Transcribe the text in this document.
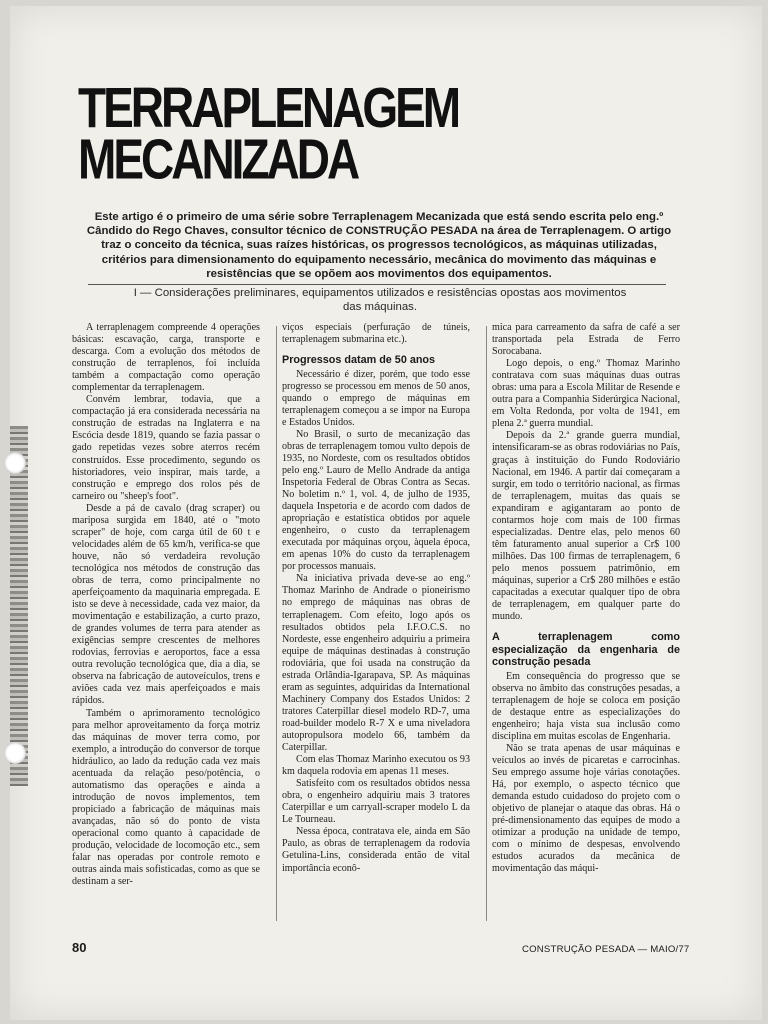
TERRAPLENAGEM
MECANIZADA
Este artigo é o primeiro de uma série sobre Terraplenagem Mecanizada que está sendo escrita pelo eng.º Cândido do Rego Chaves, consultor técnico de CONSTRUÇÃO PESADA na área de Terraplenagem. O artigo traz o conceito da técnica, suas raízes históricas, os progressos tecnológicos, as máquinas utilizadas, critérios para dimensionamento do equipamento necessário, mecânica do movimento das máquinas e resistências que se opõem aos movimentos dos equipamentos.
I — Considerações preliminares, equipamentos utilizados e resistências opostas aos movimentos das máquinas.

A terraplenagem compreende 4 operações básicas: escavação, carga, transporte e descarga. Com a evolução dos métodos de construção de terraplenos, foi incluída também a compactação como operação complementar da terraplenagem.

Convém lembrar, todavia, que a compactação já era considerada necessária na construção de estradas na Inglaterra e na Escócia desde 1819, quando se fazia passar o gado repetidas vezes sobre aterros recém construídos. Esse procedimento, segundo os historiadores, veio inspirar, mais tarde, a construção e emprego dos rolos pés de carneiro ou "sheep's foot".

Desde a pá de cavalo (drag scraper) ou mariposa surgida em 1840, até o "moto scraper" de hoje, com carga útil de 60 t e velocidades além de 65 km/h, verifica-se que houve, não só verdadeira revolução tecnológica nos métodos de construção das obras de terra, como principalmente no aperfeiçoamento da maquinaria empregada. E isto se deve à necessidade, cada vez maior, da movimentação e estabilização, a curto prazo, de grandes volumes de terra para atender as exigências sempre crescentes de melhores rodovias, ferrovias e aeroportos, face a essa outra revolução tecnológica que, dia a dia, se observa na fabricação de autoveículos, trens e aviões cada vez mais aperfeiçoados e mais rápidos.

Também o aprimoramento tecnológico para melhor aproveitamento da força motriz das máquinas de mover terra como, por exemplo, a introdução do conversor de torque hidráulico, ao lado da redução cada vez mais acentuada da relação peso/potência, o automatismo das operações e ainda a introdução de novos implementos, tem propiciado a fabricação de máquinas mais avançadas, não só do ponto de vista operacional como quanto à capacidade de produção, velocidade de locomoção etc., sem falar nas operadas por controle remoto e outras ainda mais sofisticadas, como as que se destinam a ser-

viços especiais (perfuração de túneis, terraplenagem submarina etc.).

Progressos datam de 50 anos

Necessário é dizer, porém, que todo esse progresso se processou em menos de 50 anos, quando o emprego de máquinas em terraplenagem começou a se impor na Europa e Estados Unidos.

No Brasil, o surto de mecanização das obras de terraplenagem tomou vulto depois de 1935, no Nordeste, com os resultados obtidos pelo eng.º Lauro de Mello Andrade da antiga Inspetoria Federal de Obras Contra as Secas. No boletim n.º 1, vol. 4, de julho de 1935, daquela Inspetoria e de acordo com dados de apropriação e estatística obtidos por aquele engenheiro, o custo da terraplenagem executada por máquinas orçou, àquela época, em apenas 10% do custo da terraplenagem por processos manuais.

Na iniciativa privada deve-se ao eng.º Thomaz Marinho de Andrade o pioneirismo no emprego de máquinas nas obras de terraplenagem. Com efeito, logo após os resultados obtidos pela I.F.O.C.S. no Nordeste, esse engenheiro adquiriu a primeira equipe de máquinas destinadas à construção rodoviária, que foi usada na construção da estrada Orlândia-Igarapava, SP. As máquinas eram as seguintes, adquiridas da International Machinery Company dos Estados Unidos: 2 tratores Caterpillar diesel modelo RD-7, uma road-builder modelo R-7 X e uma niveladora autopropulsora modelo 66, também da Caterpillar.

Com elas Thomaz Marinho executou os 93 km daquela rodovia em apenas 11 meses.

Satisfeito com os resultados obtidos nessa obra, o engenheiro adquiriu mais 3 tratores Caterpillar e um carryall-scraper modelo L da Le Tourneau.

Nessa época, contratava ele, ainda em São Paulo, as obras de terraplenagem da rodovia Getulina-Lins, considerada então de vital importância econô-

mica para carreamento da safra de café a ser transportada pela Estrada de Ferro Sorocabana.

Logo depois, o eng.º Thomaz Marinho contratava com suas máquinas duas outras obras: uma para a Escola Militar de Resende e outra para a Companhia Siderúrgica Nacional, em Volta Redonda, por volta de 1941, em plena 2.ª guerra mundial.

Depois da 2.ª grande guerra mundial, intensificaram-se as obras rodoviárias no País, graças à instituição do Fundo Rodoviário Nacional, em 1946. A partir daí começaram a surgir, em todo o território nacional, as firmas de terraplenagem, muitas das quais se expandiram e agigantaram ao ponto de contarmos hoje com mais de 100 firmas especializadas. Dentre elas, pelo menos 60 têm faturamento anual superior a Cr$ 100 milhões. Das 100 firmas de terraplenagem, 6 pelo menos possuem patrimônio, em máquinas, superior a Cr$ 280 milhões e estão capacitadas a executar qualquer tipo de obra de terraplenagem, em qualquer parte do mundo.

A terraplenagem como especialização da engenharia de construção pesada

Em consequência do progresso que se observa no âmbito das construções pesadas, a terraplenagem de hoje se coloca em posição de destaque entre as especializações do engenheiro; haja vista sua inclusão como disciplina em muitas escolas de Engenharia.

Não se trata apenas de usar máquinas e veículos ao invés de picaretas e carrocinhas. Seu emprego assume hoje várias conotações. Há, por exemplo, o aspecto técnico que demanda estudo cuidadoso do projeto com o objetivo de planejar o ataque das obras. Há o pré-dimensionamento das equipes de modo a otimizar a produção na unidade de tempo, com o mínimo de despesas, envolvendo estudos acurados da mecânica de movimentação das máqui-

80	CONSTRUÇÃO PESADA — MAIO/77
